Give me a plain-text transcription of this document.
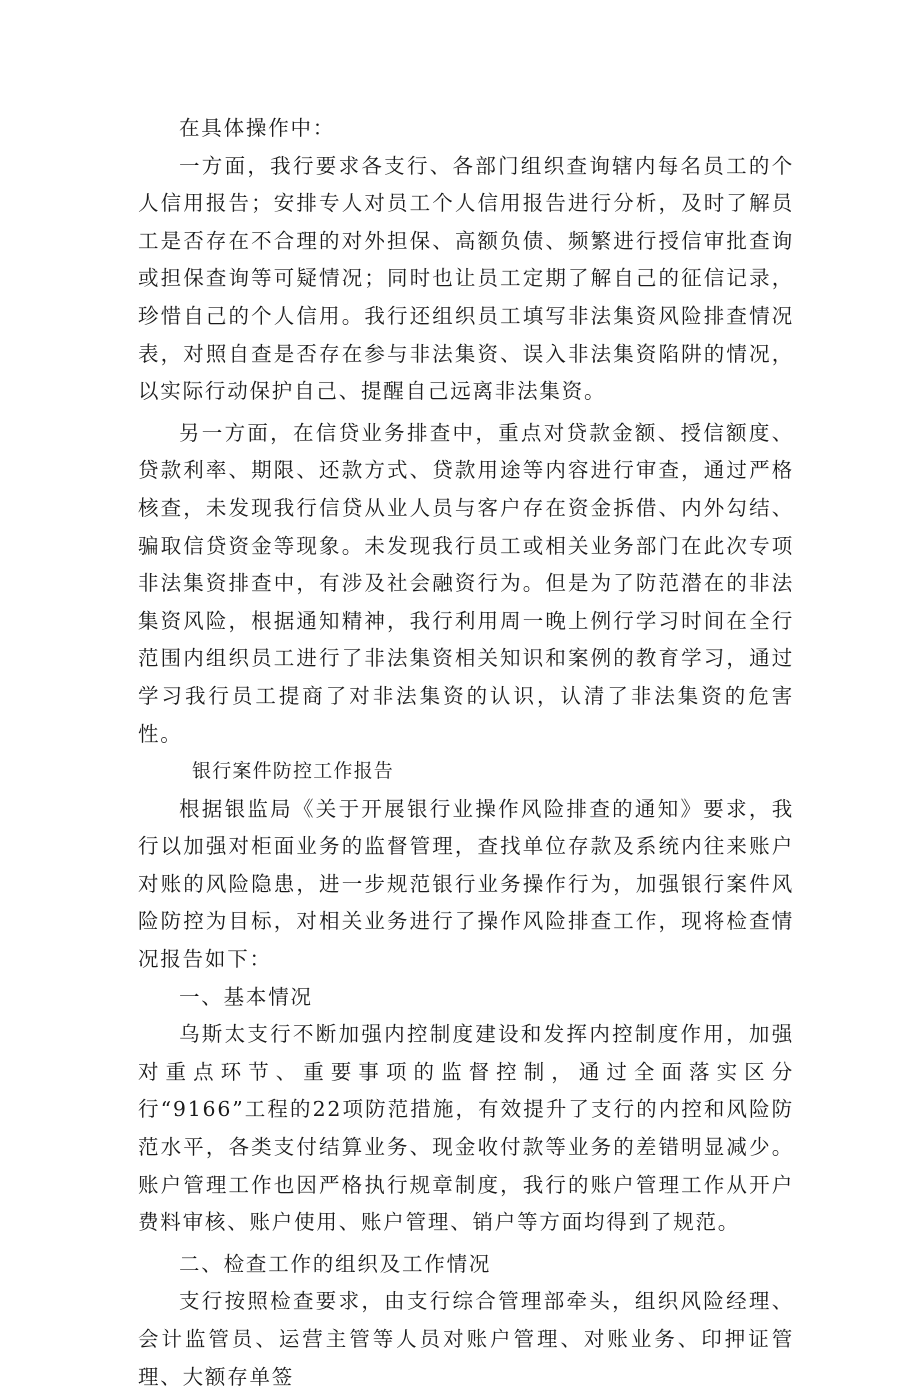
在具体操作中：

一方面，我行要求各支行、各部门组织查询辖内每名员工的个人信用报告；安排专人对员工个人信用报告进行分析，及时了解员工是否存在不合理的对外担保、高额负债、频繁进行授信审批查询或担保查询等可疑情况；同时也让员工定期了解自己的征信记录，珍惜自己的个人信用。我行还组织员工填写非法集资风险排查情况表，对照自查是否存在参与非法集资、误入非法集资陷阱的情况，以实际行动保护自己、提醒自己远离非法集资。

另一方面，在信贷业务排查中，重点对贷款金额、授信额度、贷款利率、期限、还款方式、贷款用途等内容进行审查，通过严格核查，未发现我行信贷从业人员与客户存在资金拆借、内外勾结、骗取信贷资金等现象。未发现我行员工或相关业务部门在此次专项非法集资排查中，有涉及社会融资行为。但是为了防范潜在的非法集资风险，根据通知精神，我行利用周一晚上例行学习时间在全行范围内组织员工进行了非法集资相关知识和案例的教育学习，通过学习我行员工提商了对非法集资的认识，认清了非法集资的危害性。

银行案件防控工作报告

根据银监局《关于开展银行业操作风险排查的通知》要求，我行以加强对柜面业务的监督管理，查找单位存款及系统内往来账户对账的风险隐患，进一步规范银行业务操作行为，加强银行案件风险防控为目标，对相关业务进行了操作风险排查工作，现将检查情况报告如下：

一、基本情况

乌斯太支行不断加强内控制度建设和发挥内控制度作用，加强对重点环节、重要事项的监督控制，通过全面落实区分行“9166”工程的22项防范措施，有效提升了支行的内控和风险防范水平，各类支付结算业务、现金收付款等业务的差错明显减少。账户管理工作也因严格执行规章制度，我行的账户管理工作从开户费料审核、账户使用、账户管理、销户等方面均得到了规范。

二、检查工作的组织及工作情况

支行按照检查要求，由支行综合管理部牵头，组织风险经理、会计监管员、运营主管等人员对账户管理、对账业务、印押证管理、大额存单签
